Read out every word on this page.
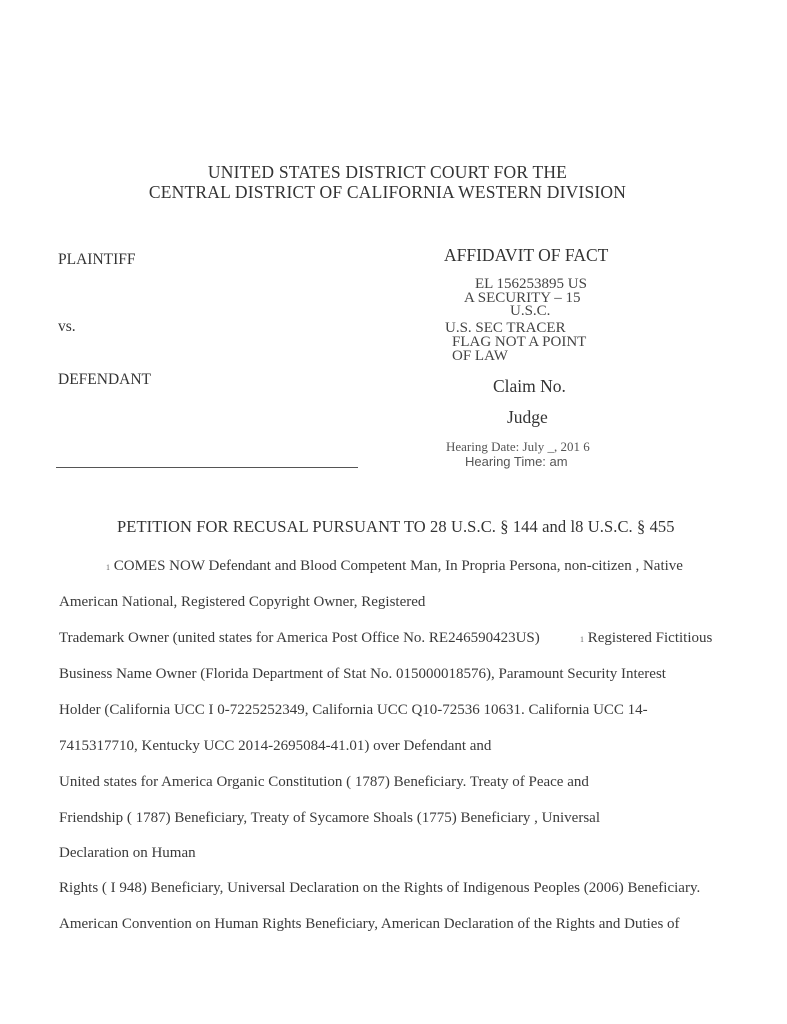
UNITED STATES DISTRICT COURT FOR THE
CENTRAL DISTRICT OF CALIFORNIA WESTERN DIVISION
PLAINTIFF
vs.
DEFENDANT
AFFIDAVIT OF FACT
EL 156253895 US
A SECURITY – 15
U.S.C.
U.S. SEC TRACER
FLAG NOT A POINT
OF LAW
Claim No.
Judge
Hearing Date: July _, 201 6
Hearing Time: am
PETITION FOR RECUSAL PURSUANT TO 28 U.S.C. § 144 and l8 U.S.C. § 455
1 COMES NOW Defendant and Blood Competent Man, In Propria Persona, non-citizen , Native
American National, Registered Copyright Owner, Registered
Trademark Owner (united states for America Post Office No. RE246590423US)	1 Registered Fictitious
Business Name Owner (Florida Department of Stat No. 015000018576), Paramount Security Interest
Holder (California UCC I 0-7225252349, California UCC Q10-72536 10631. California UCC 14-
7415317710, Kentucky UCC 2014-2695084-41.01) over Defendant and
United states for America Organic Constitution ( 1787) Beneficiary. Treaty of Peace and
Friendship ( 1787) Beneficiary, Treaty of Sycamore Shoals (1775) Beneficiary , Universal
Declaration on Human
Rights ( I 948) Beneficiary, Universal Declaration on the Rights of Indigenous Peoples (2006) Beneficiary.
American Convention on Human Rights Beneficiary, American Declaration of the Rights and Duties of
